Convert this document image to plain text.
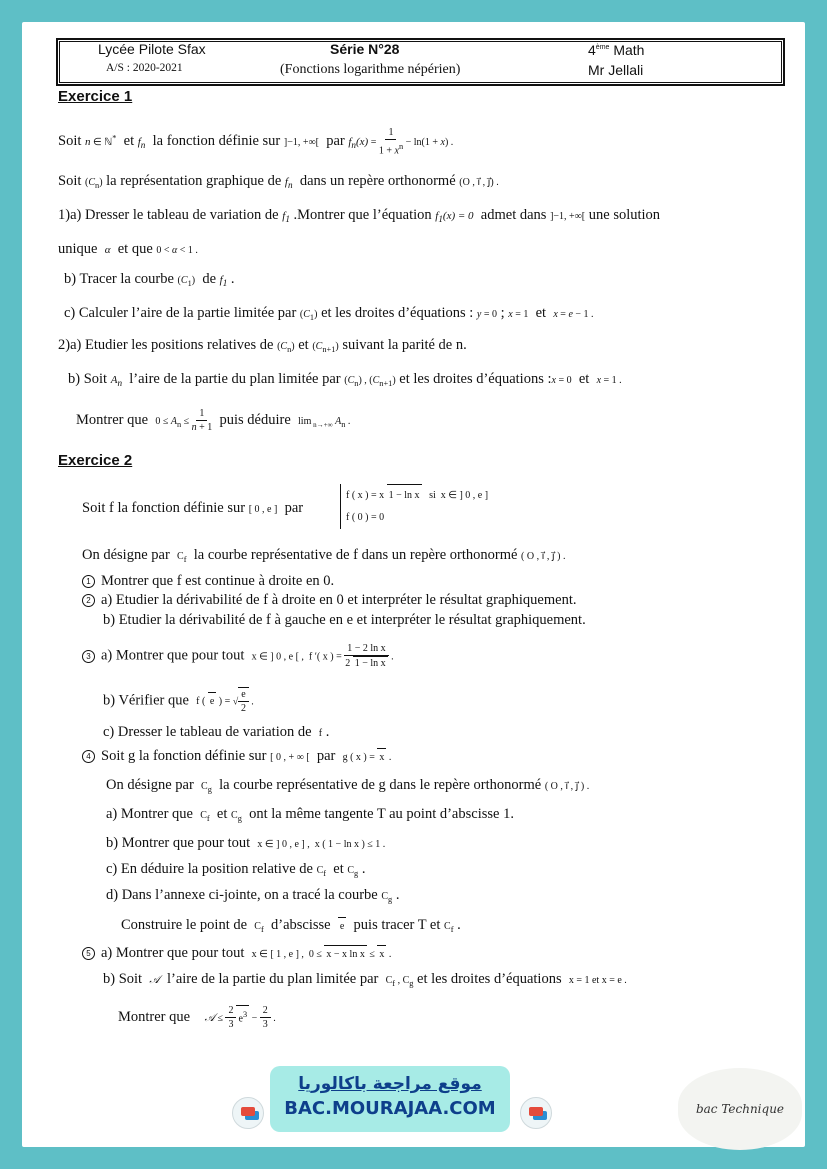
Lycée Pilote Sfax
A/S : 2020-2021
Série N°28
(Fonctions logarithme népérien)
4ème Math
Mr Jellali
Exercice 1
Soit n ∈ ℕ* et $f_n$ la fonction définie sur ]−1, +∞[ par $f_n(x) = \frac{1}{1 + x^n} - \ln(1 + x)$ .
Soit $(C_n)$ la représentation graphique de $f_n$ dans un repère orthonormé (O , i⃗ , j⃗) .
1)a) Dresser le tableau de variation de $f_1$ .Montrer que l’équation $f_1(x) = 0$ admet dans ]−1, +∞[ une solution
unique α et que 0 < α < 1 .
b) Tracer la courbe $(C_1)$ de $f_1$ .
c) Calculer l’aire de la partie limitée par $(C_1)$ et les droites d’équations : y = 0 ; x = 1 et x = e − 1 .
2)a) Etudier les positions relatives de $(C_n)$ et $(C_{n+1})$ suivant la parité de n.
b) Soit $A_n$ l’aire de la partie du plan limitée par $(C_n)$ , $(C_{n+1})$ et les droites d’équations :x = 0 et x = 1 .
Montrer que $0 \le A_n \le \frac{1}{n + 1}$ puis déduire lim $_{n\to+\infty}$ $A_n$ .
Exercice 2
Soit f la fonction définie sur [ 0 , e ] par
f ( x ) = x 1 − ln x   si  x ∈ ] 0 , e ]
f ( 0 ) = 0
On désigne par $C_f$ la courbe représentative de f dans un repère orthonormé ( O , i⃗ , j⃗ ) .
1 Montrer que f est continue à droite en 0.
2 a) Etudier la dérivabilité de f à droite en 0 et interpréter le résultat graphiquement.
b) Etudier la dérivabilité de f à gauche en e et interpréter le résultat graphiquement.
3 a) Montrer que pour tout x ∈ ] 0 , e [ ,  f ′( x ) = $\frac{\text{1 − 2 ln x}}{\text{2 1 − ln x}}$ .
b) Vérifier que f ( e ) = √ $\frac{e}{2}$ .
c) Dresser le tableau de variation de f .
4 Soit g la fonction définie sur [ 0 , + ∞ [ par g ( x ) = x .
On désigne par $C_g$ la courbe représentative de g dans le repère orthonormé ( O , i⃗ , j⃗ ) .
a) Montrer que $C_f$ et $C_g$ ont la même tangente T au point d’abscisse 1.
b) Montrer que pour tout x ∈ ] 0 , e ] ,  x ( 1 − ln x ) ≤ 1 .
c) En déduire la position relative de $C_f$ et $C_g$ .
d) Dans l’annexe ci-jointe, on a tracé la courbe $C_g$ .
Construire le point de $C_f$ d’abscisse e puis tracer T et $C_f$ .
5 a) Montrer que pour tout x ∈ [ 1 , e ] ,  0 ≤ x − x ln x ≤ x .
b) Soit 𝒜 l’aire de la partie du plan limitée par $C_f$ , $C_g$ et les droites d’équations x = 1 et x = e .
Montrer que 𝒜 ≤ $\frac{2}{3} e^3 - \frac{2}{3}$ .
موقع مراجعة باكالوريا
BAC.MOURAJAA.COM	bac Technique
